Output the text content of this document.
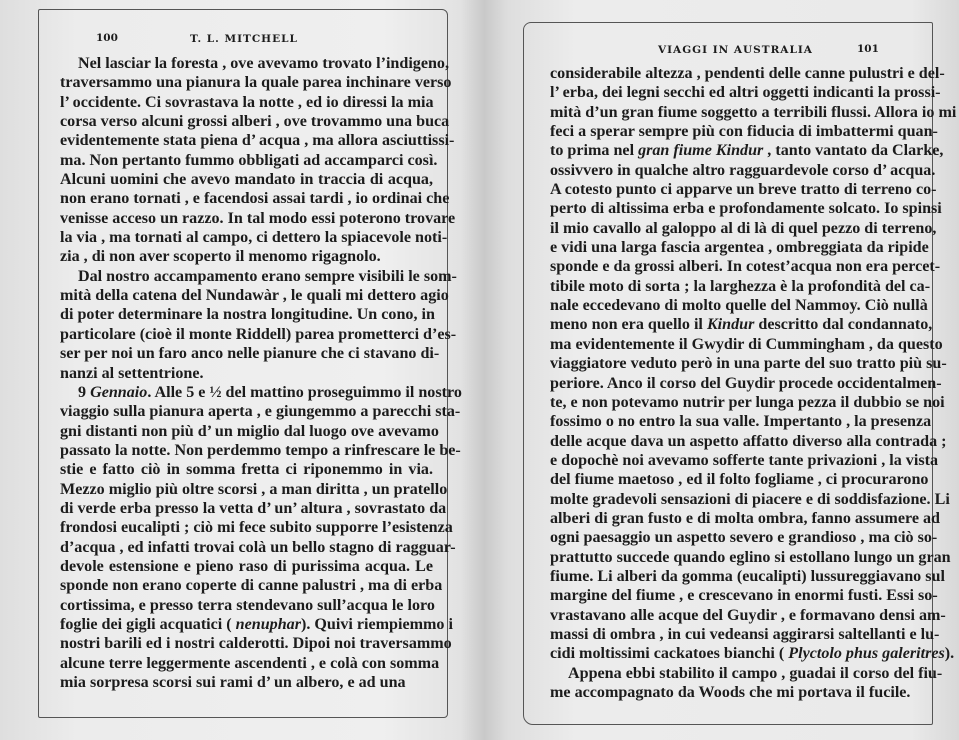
100	T. L. MITCHELL
VIAGGI IN AUSTRALIA	101
Nel lasciar la foresta , ove avevamo trovato l’indigeno,
traversammo una pianura la quale parea inchinare verso
l’ occidente. Ci sovrastava la notte , ed io diressi la mia
corsa verso alcuni grossi alberi , ove trovammo una buca
evidentemente stata piena d’ acqua , ma allora asciuttissi-
ma. Non pertanto fummo obbligati ad accamparci così.
Alcuni uomini che avevo mandato in traccia di acqua,
non erano tornati , e facendosi assai tardi , io ordinai che
venisse acceso un razzo. In tal modo essi poterono trovare
la via , ma tornati al campo, ci dettero la spiacevole noti-
zia , di non aver scoperto il menomo rigagnolo.
Dal nostro accampamento erano sempre visibili le som-
mità della catena del Nundawàr , le quali mi dettero agio
di poter determinare la nostra longitudine. Un cono, in
particolare (cioè il monte Riddell) parea prometterci d’es-
ser per noi un faro anco nelle pianure che ci stavano di-
nanzi al settentrione.
9 Gennaio. Alle 5 e ½ del mattino proseguimmo il nostro
viaggio sulla pianura aperta , e giungemmo a parecchi sta-
gni distanti non più d’ un miglio dal luogo ove avevamo
passato la notte. Non perdemmo tempo a rinfrescare le be-
stie e fatto ciò in somma fretta ci riponemmo in via.
Mezzo miglio più oltre scorsi , a man diritta , un pratello
di verde erba presso la vetta d’ un’ altura , sovrastato da
frondosi eucalipti ; ciò mi fece subito supporre l’esistenza
d’acqua , ed infatti trovai colà un bello stagno di ragguar-
devole estensione e pieno raso di purissima acqua. Le
sponde non erano coperte di canne palustri , ma di erba
cortissima, e presso terra stendevano sull’acqua le loro
foglie dei gigli acquatici ( nenuphar). Quivi riempiemmo i
nostri barili ed i nostri calderotti. Dipoi noi traversammo
alcune terre leggermente ascendenti , e colà con somma
mia sorpresa scorsi sui rami d’ un albero, e ad una
considerabile altezza , pendenti delle canne pulustri e del-
l’ erba, dei legni secchi ed altri oggetti indicanti la prossi-
mità d’un gran fiume soggetto a terribili flussi. Allora io mi
feci a sperar sempre più con fiducia di imbattermi quan-
to prima nel gran fiume Kindur , tanto vantato da Clarke,
ossivvero in qualche altro ragguardevole corso d’ acqua.
A cotesto punto ci apparve un breve tratto di terreno co-
perto di altissima erba e profondamente solcato. Io spinsi
il mio cavallo al galoppo al di là di quel pezzo di terreno,
e vidi una larga fascia argentea , ombreggiata da ripide
sponde e da grossi alberi. In cotest’acqua non era percet-
tibile moto di sorta ; la larghezza è la profondità del ca-
nale eccedevano di molto quelle del Nammoy. Ciò nullà
meno non era quello il Kindur descritto dal condannato,
ma evidentemente il Gwydir di Cummingham , da questo
viaggiatore veduto però in una parte del suo tratto più su-
periore. Anco il corso del Guydir procede occidentalmen-
te, e non potevamo nutrir per lunga pezza il dubbio se noi
fossimo o no entro la sua valle. Impertanto , la presenza
delle acque dava un aspetto affatto diverso alla contrada ;
e dopochè noi avevamo sofferte tante privazioni , la vista
del fiume maetoso , ed il folto fogliame , ci procurarono
molte gradevoli sensazioni di piacere e di soddisfazione. Li
alberi di gran fusto e di molta ombra, fanno assumere ad
ogni paesaggio un aspetto severo e grandioso , ma ciò so-
prattutto succede quando eglino si estollano lungo un gran
fiume. Li alberi da gomma (eucalipti) lussureggiavano sul
margine del fiume , e crescevano in enormi fusti. Essi so-
vrastavano alle acque del Guydir , e formavano densi am-
massi di ombra , in cui vedeansi aggirarsi saltellanti e lu-
cidi moltissimi cackatoes bianchi ( Plyctolo phus galeritres).
Appena ebbi stabilito il campo , guadai il corso del fiu-
me accompagnato da Woods che mi portava il fucile.
